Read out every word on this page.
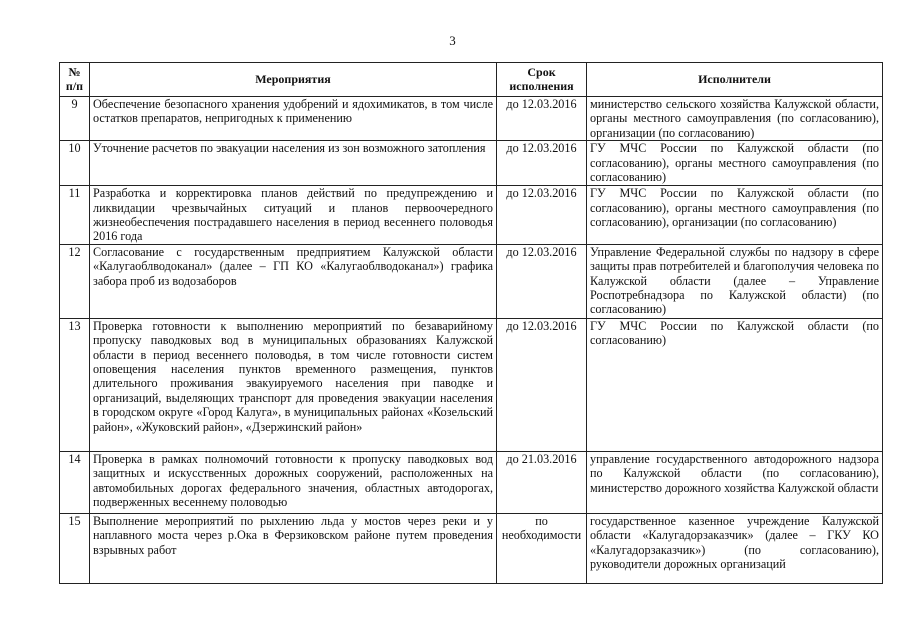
3
№ п/п	Мероприятия	Срок исполнения	Исполнители
9	Обеспечение безопасного хранения удобрений и ядохимикатов, в том числе остатков препаратов, непригодных к применению	до 12.03.2016	министерство сельского хозяйства Калужской области, органы местного самоуправления (по согласованию), организации (по согласованию)
10	Уточнение расчетов по эвакуации населения из зон возможного затопления	до 12.03.2016	ГУ МЧС России по Калужской области (по согласованию), органы местного самоуправления (по согласованию)
11	Разработка и корректировка планов действий по предупреждению и ликвидации чрезвычайных ситуаций и планов первоочередного жизнеобеспечения пострадавшего населения в период весеннего половодья 2016 года	до 12.03.2016	ГУ МЧС России по Калужской области (по согласованию), органы местного самоуправления (по согласованию), организации (по согласованию)
12	Согласование с государственным предприятием Калужской области «Калугаоблводоканал» (далее – ГП КО «Калугаоблводоканал») графика забора проб из водозаборов	до 12.03.2016	Управление Федеральной службы по надзору в сфере защиты прав потребителей и благополучия человека по Калужской области (далее – Управление Роспотребнадзора по Калужской области) (по согласованию)
13	Проверка готовности к выполнению мероприятий по безаварийному пропуску паводковых вод в муниципальных образованиях Калужской области в период весеннего половодья, в том числе готовности систем оповещения населения пунктов временного размещения, пунктов длительного проживания эвакуируемого населения при паводке и организаций, выделяющих транспорт для проведения эвакуации населения в городском округе «Город Калуга», в муниципальных районах «Козельский район», «Жуковский район», «Дзержинский район»	до 12.03.2016	ГУ МЧС России по Калужской области (по согласованию)
14	Проверка в рамках полномочий готовности к пропуску паводковых вод защитных и искусственных дорожных сооружений, расположенных на автомобильных дорогах федерального значения, областных автодорогах, подверженных весеннему половодью	до 21.03.2016	управление государственного автодорожного надзора по Калужской области (по согласованию), министерство дорожного хозяйства Калужской области
15	Выполнение мероприятий по рыхлению льда у мостов через реки и у наплавного моста через р.Ока в Ферзиковском районе путем проведения взрывных работ	по необходимости	государственное казенное учреждение Калужской области «Калугадорзаказчик» (далее – ГКУ КО «Калугадорзаказчик») (по согласованию), руководители дорожных организаций
